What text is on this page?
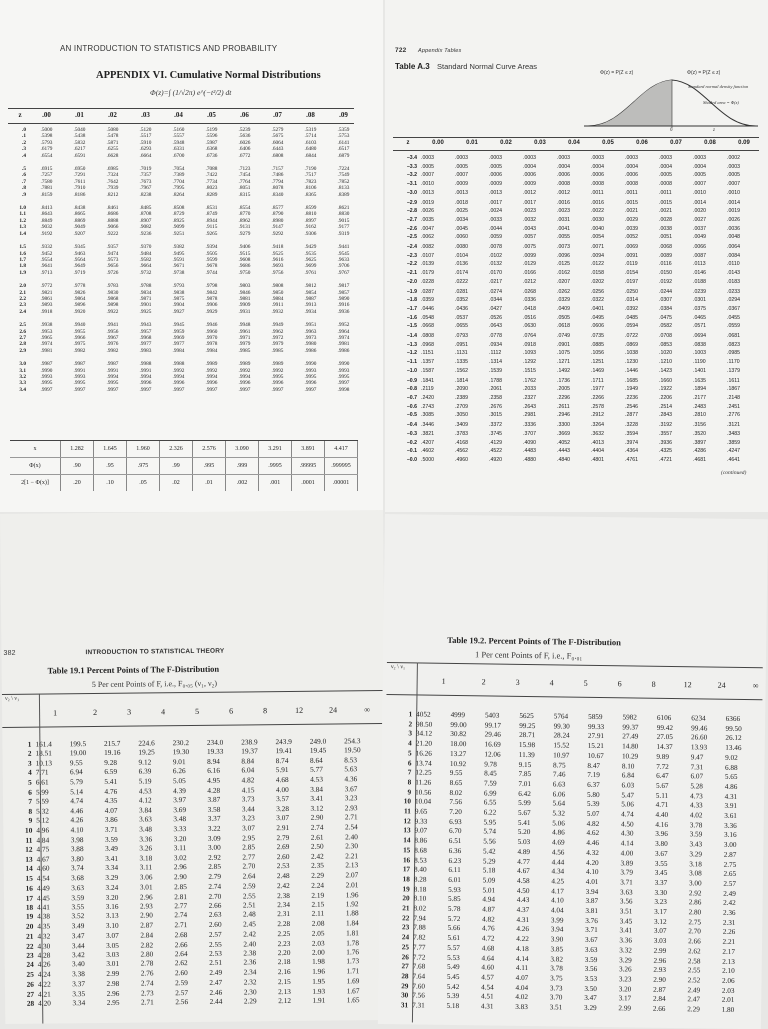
AN INTRODUCTION TO STATISTICS AND PROBABILITY
APPENDIX VI. Cumulative Normal Distributions
Φ(z)=∫ (1/√2π) e^(−t²/2) dt
z	.00	.01	.02	.03	.04	.05	.06	.07	.08	.09
.0	.5000	.5040	.5080	.5120	.5160	.5199	.5239	.5279	.5319	.5359
.1	.5398	.5438	.5478	.5517	.5557	.5596	.5636	.5675	.5714	.5753
.2	.5793	.5832	.5871	.5910	.5948	.5987	.6026	.6064	.6103	.6141
.3	.6179	.6217	.6255	.6293	.6331	.6368	.6406	.6443	.6480	.6517
.4	.6554	.6591	.6628	.6664	.6700	.6736	.6772	.6808	.6844	.6879
.5	.6915	.6950	.6985	.7019	.7054	.7088	.7123	.7157	.7190	.7224
.6	.7257	.7291	.7324	.7357	.7389	.7422	.7454	.7486	.7517	.7549
.7	.7580	.7611	.7642	.7673	.7704	.7734	.7764	.7794	.7823	.7852
.8	.7881	.7910	.7939	.7967	.7995	.8023	.8051	.8078	.8106	.8133
.9	.8159	.8186	.8212	.8238	.8264	.8289	.8315	.8340	.8365	.8389
1.0	.8413	.8438	.8461	.8485	.8508	.8531	.8554	.8577	.8599	.8621
1.1	.8643	.8665	.8686	.8708	.8729	.8749	.8770	.8790	.8810	.8830
1.2	.8849	.8869	.8888	.8907	.8925	.8944	.8962	.8980	.8997	.9015
1.3	.9032	.9049	.9066	.9082	.9099	.9115	.9131	.9147	.9162	.9177
1.4	.9192	.9207	.9222	.9236	.9251	.9265	.9279	.9292	.9306	.9319
1.5	.9332	.9345	.9357	.9370	.9382	.9394	.9406	.9418	.9429	.9441
1.6	.9452	.9463	.9474	.9484	.9495	.9505	.9515	.9525	.9535	.9545
1.7	.9554	.9564	.9573	.9582	.9591	.9599	.9608	.9616	.9625	.9633
1.8	.9641	.9649	.9656	.9664	.9671	.9678	.9686	.9693	.9699	.9706
1.9	.9713	.9719	.9726	.9732	.9738	.9744	.9750	.9756	.9761	.9767
2.0	.9772	.9778	.9783	.9788	.9793	.9798	.9803	.9808	.9812	.9817
2.1	.9821	.9826	.9830	.9834	.9838	.9842	.9846	.9850	.9854	.9857
2.2	.9861	.9864	.9868	.9871	.9875	.9878	.9881	.9884	.9887	.9890
2.3	.9893	.9896	.9898	.9901	.9904	.9906	.9909	.9911	.9913	.9916
2.4	.9918	.9920	.9922	.9925	.9927	.9929	.9931	.9932	.9934	.9936
2.5	.9938	.9940	.9941	.9943	.9945	.9946	.9948	.9949	.9951	.9952
2.6	.9953	.9955	.9956	.9957	.9959	.9960	.9961	.9962	.9963	.9964
2.7	.9965	.9966	.9967	.9968	.9969	.9970	.9971	.9972	.9973	.9974
2.8	.9974	.9975	.9976	.9977	.9977	.9978	.9979	.9979	.9980	.9981
2.9	.9981	.9982	.9982	.9983	.9984	.9984	.9985	.9985	.9986	.9986
3.0	.9987	.9987	.9987	.9988	.9988	.9989	.9989	.9989	.9990	.9990
3.1	.9990	.9991	.9991	.9991	.9992	.9992	.9992	.9992	.9993	.9993
3.2	.9993	.9993	.9994	.9994	.9994	.9994	.9994	.9995	.9995	.9995
3.3	.9995	.9995	.9995	.9996	.9996	.9996	.9996	.9996	.9996	.9997
3.4	.9997	.9997	.9997	.9997	.9997	.9997	.9997	.9997	.9997	.9998
x	1.282	1.645	1.960	2.326	2.576	3.090	3.291	3.891	4.417
Φ(x)	.90	.95	.975	.99	.995	.999	.9995	.99995	.999995
2[1 − Φ(x)]	.20	.10	.05	.02	.01	.002	.001	.0001	.00001
722 Appendix Tables
Table A.3 Standard Normal Curve Areas
Φ(z) = P(Z ≤ z)	Φ(z) = P(Z ≤ z)
Standard normal density function
Shaded area = Φ(z)
0	z
z	0.00	0.01	0.02	0.03	0.04	0.05	0.06	0.07	0.08	0.09
−3.4 .0003	.0003	.0003	.0003	.0003	.0003	.0003	.0003	.0003	.0002
−3.3 .0005	.0005	.0005	.0004	.0004	.0004	.0004	.0004	.0004	.0003
−3.2 .0007	.0007	.0006	.0006	.0006	.0006	.0006	.0005	.0005	.0005
−3.1 .0010	.0009	.0009	.0009	.0008	.0008	.0008	.0008	.0007	.0007
−3.0 .0013	.0013	.0013	.0012	.0012	.0011	.0011	.0011	.0010	.0010
−2.9 .0019	.0018	.0017	.0017	.0016	.0016	.0015	.0015	.0014	.0014
−2.8 .0026	.0025	.0024	.0023	.0023	.0022	.0021	.0021	.0020	.0019
−2.7 .0035	.0034	.0033	.0032	.0031	.0030	.0029	.0028	.0027	.0026
−2.6 .0047	.0045	.0044	.0043	.0041	.0040	.0039	.0038	.0037	.0036
−2.5 .0062	.0060	.0059	.0057	.0055	.0054	.0052	.0051	.0049	.0048
−2.4 .0082	.0080	.0078	.0075	.0073	.0071	.0069	.0068	.0066	.0064
−2.3 .0107	.0104	.0102	.0099	.0096	.0094	.0091	.0089	.0087	.0084
−2.2 .0139	.0136	.0132	.0129	.0125	.0122	.0119	.0116	.0113	.0110
−2.1 .0179	.0174	.0170	.0166	.0162	.0158	.0154	.0150	.0146	.0143
−2.0 .0228	.0222	.0217	.0212	.0207	.0202	.0197	.0192	.0188	.0183
−1.9 .0287	.0281	.0274	.0268	.0262	.0256	.0250	.0244	.0239	.0233
−1.8 .0359	.0352	.0344	.0336	.0329	.0322	.0314	.0307	.0301	.0294
−1.7 .0446	.0436	.0427	.0418	.0409	.0401	.0392	.0384	.0375	.0367
−1.6 .0548	.0537	.0526	.0516	.0505	.0495	.0485	.0475	.0465	.0455
−1.5 .0668	.0655	.0643	.0630	.0618	.0606	.0594	.0582	.0571	.0559
−1.4 .0808	.0793	.0778	.0764	.0749	.0735	.0722	.0708	.0694	.0681
−1.3 .0968	.0951	.0934	.0918	.0901	.0885	.0869	.0853	.0838	.0823
−1.2 .1151	.1131	.1112	.1093	.1075	.1056	.1038	.1020	.1003	.0985
−1.1 .1357	.1335	.1314	.1292	.1271	.1251	.1230	.1210	.1190	.1170
−1.0 .1587	.1562	.1539	.1515	.1492	.1469	.1446	.1423	.1401	.1379
−0.9 .1841	.1814	.1788	.1762	.1736	.1711	.1685	.1660	.1635	.1611
−0.8 .2119	.2090	.2061	.2033	.2005	.1977	.1949	.1922	.1894	.1867
−0.7 .2420	.2389	.2358	.2327	.2296	.2266	.2236	.2206	.2177	.2148
−0.6 .2743	.2709	.2676	.2643	.2611	.2578	.2546	.2514	.2483	.2451
−0.5 .3085	.3050	.3015	.2981	.2946	.2912	.2877	.2843	.2810	.2776
−0.4 .3446	.3409	.3372	.3336	.3300	.3264	.3228	.3192	.3156	.3121
−0.3 .3821	.3783	.3745	.3707	.3669	.3632	.3594	.3557	.3520	.3483
−0.2 .4207	.4168	.4129	.4090	.4052	.4013	.3974	.3936	.3897	.3859
−0.1 .4602	.4562	.4522	.4483	.4443	.4404	.4364	.4325	.4286	.4247
−0.0 .5000	.4960	.4920	.4880	.4840	.4801	.4761	.4721	.4681	.4641
(continued)
382	INTRODUCTION TO STATISTICAL THEORY
Table 19.1 Percent Points of The F-Distribution
5 Per cent Points of F, i.e., F₀.₀₅ (ν₁, ν₂)
ν₂ \ ν₁
1	2	3	4	5	6	8	12	24	∞
1 161.4 199.5 215.7 224.6 230.2 234.0 238.9 243.9 249.0 254.3
2 18.51 19.00 19.16 19.25 19.30 19.33 19.37 19.41 19.45 19.50
3 10.13 9.55	9.28	9.12	9.01	8.94	8.84	8.74	8.64	8.53
4 7.71	6.94	6.59	6.39	6.26	6.16	6.04	5.91	5.77	5.63
5 6.61	5.79	5.41	5.19	5.05	4.95	4.82	4.68	4.53	4.36
6 5.99	5.14	4.76	4.53	4.39	4.28	4.15	4.00	3.84	3.67
7 5.59	4.74	4.35	4.12	3.97	3.87	3.73	3.57	3.41	3.23
8 5.32	4.46	4.07	3.84	3.69	3.58	3.44	3.28	3.12	2.93
9 5.12	4.26	3.86	3.63	3.48	3.37	3.23	3.07	2.90	2.71
10 4.96	4.10	3.71	3.48	3.33	3.22	3.07	2.91	2.74	2.54
11 4.84	3.98	3.59	3.36	3.20	3.09	2.95	2.79	2.61	2.40
12 4.75	3.88	3.49	3.26	3.11	3.00	2.85	2.69	2.50	2.30
13 4.67	3.80	3.41	3.18	3.02	2.92	2.77	2.60	2.42	2.21
14 4.60	3.74	3.34	3.11	2.96	2.85	2.70	2.53	2.35	2.13
15 4.54	3.68	3.29	3.06	2.90	2.79	2.64	2.48	2.29	2.07
16 4.49	3.63	3.24	3.01	2.85	2.74	2.59	2.42	2.24	2.01
17 4.45	3.59	3.20	2.96	2.81	2.70	2.55	2.38	2.19	1.96
18 4.41	3.55	3.16	2.93	2.77	2.66	2.51	2.34	2.15	1.92
19 4.38	3.52	3.13	2.90	2.74	2.63	2.48	2.31	2.11	1.88
20 4.35	3.49	3.10	2.87	2.71	2.60	2.45	2.28	2.08	1.84
21 4.32	3.47	3.07	2.84	2.68	2.57	2.42	2.25	2.05	1.81
22 4.30	3.44	3.05	2.82	2.66	2.55	2.40	2.23	2.03	1.78
23 4.28	3.42	3.03	2.80	2.64	2.53	2.38	2.20	2.00	1.76
24 4.26	3.40	3.01	2.78	2.62	2.51	2.36	2.18	1.98	1.73
25 4.24	3.38	2.99	2.76	2.60	2.49	2.34	2.16	1.96	1.71
26 4.22	3.37	2.98	2.74	2.59	2.47	2.32	2.15	1.95	1.69
27 4.21	3.35	2.96	2.73	2.57	2.46	2.30	2.13	1.93	1.67
28 4.20	3.34	2.95	2.71	2.56	2.44	2.29	2.12	1.91	1.65
Table 19.2. Percent Points of The F-Distribution
1 Per cent Points of F, i.e., F₀.₀₁
ν₂ \ ν₁
1	2	3	4	5	6	8	12	24	∞
1 4052	4999	5403	5625	5764	5859	5982	6106	6234	6366
2 98.50	99.00	99.17	99.25	99.30	99.33	99.37	99.42	99.46	99.50
3 34.12	30.82	29.46	28.71	28.24	27.91	27.49	27.05	26.60	26.12
4 21.20	18.00	16.69	15.98	15.52	15.21	14.80	14.37	13.93	13.46
5 16.26	13.27	12.06	11.39	10.97	10.67	10.29	9.89	9.47	9.02
6 13.74	10.92	9.78	9.15	8.75	8.47	8.10	7.72	7.31	6.88
7 12.25	9.55	8.45	7.85	7.46	7.19	6.84	6.47	6.07	5.65
8 11.26	8.65	7.59	7.01	6.63	6.37	6.03	5.67	5.28	4.86
9 10.56	8.02	6.99	6.42	6.06	5.80	5.47	5.11	4.73	4.31
10 10.04	7.56	6.55	5.99	5.64	5.39	5.06	4.71	4.33	3.91
11 9.65	7.20	6.22	5.67	5.32	5.07	4.74	4.40	4.02	3.61
12 9.33	6.93	5.95	5.41	5.06	4.82	4.50	4.16	3.78	3.36
13 9.07	6.70	5.74	5.20	4.86	4.62	4.30	3.96	3.59	3.16
14 8.86	6.51	5.56	5.03	4.69	4.46	4.14	3.80	3.43	3.00
15 8.68	6.36	5.42	4.89	4.56	4.32	4.00	3.67	3.29	2.87
16 8.53	6.23	5.29	4.77	4.44	4.20	3.89	3.55	3.18	2.75
17 8.40	6.11	5.18	4.67	4.34	4.10	3.79	3.45	3.08	2.65
18 8.28	6.01	5.09	4.58	4.25	4.01	3.71	3.37	3.00	2.57
19 8.18	5.93	5.01	4.50	4.17	3.94	3.63	3.30	2.92	2.49
20 8.10	5.85	4.94	4.43	4.10	3.87	3.56	3.23	2.86	2.42
21 8.02	5.78	4.87	4.37	4.04	3.81	3.51	3.17	2.80	2.36
22 7.94	5.72	4.82	4.31	3.99	3.76	3.45	3.12	2.75	2.31
23 7.88	5.66	4.76	4.26	3.94	3.71	3.41	3.07	2.70	2.26
24 7.82	5.61	4.72	4.22	3.90	3.67	3.36	3.03	2.66	2.21
25 7.77	5.57	4.68	4.18	3.85	3.63	3.32	2.99	2.62	2.17
26 7.72	5.53	4.64	4.14	3.82	3.59	3.29	2.96	2.58	2.13
27 7.68	5.49	4.60	4.11	3.78	3.56	3.26	2.93	2.55	2.10
28 7.64	5.45	4.57	4.07	3.75	3.53	3.23	2.90	2.52	2.06
29 7.60	5.42	4.54	4.04	3.73	3.50	3.20	2.87	2.49	2.03
30 7.56	5.39	4.51	4.02	3.70	3.47	3.17	2.84	2.47	2.01
31 7.31	5.18	4.31	3.83	3.51	3.29	2.99	2.66	2.29	1.80
